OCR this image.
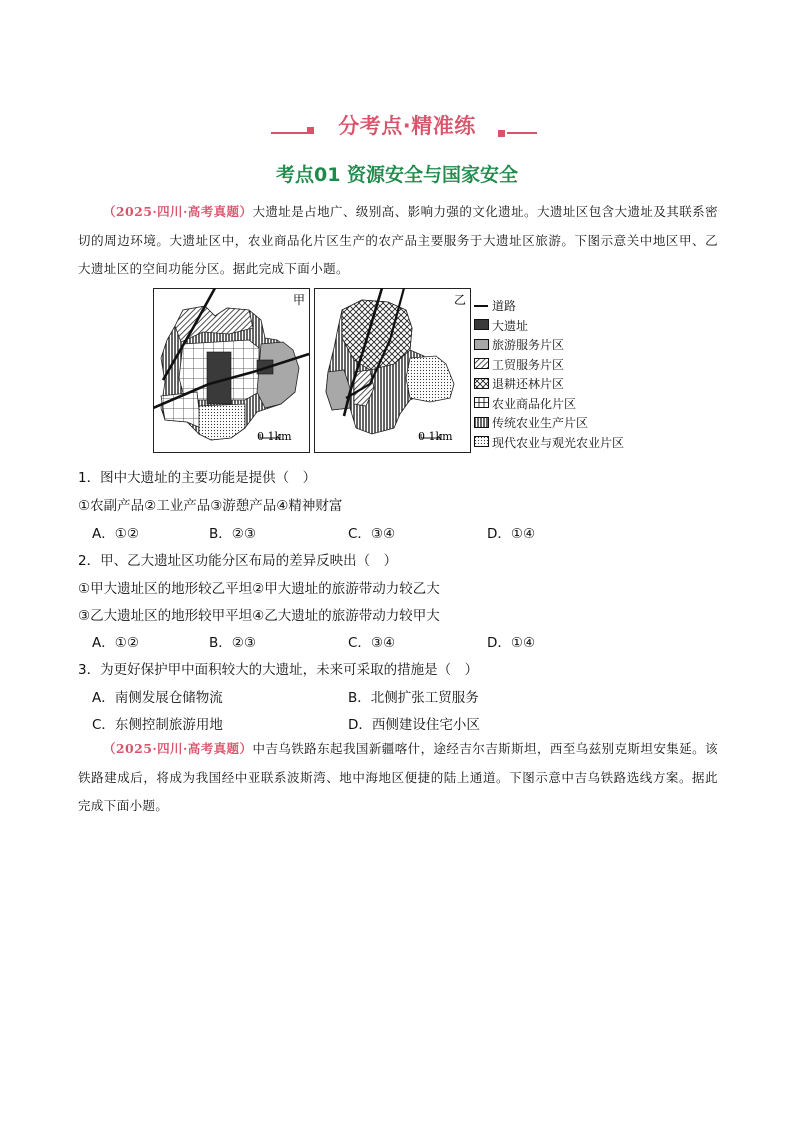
分考点·精准练
考点01 资源安全与国家安全
（2025·四川·高考真题）大遗址是占地广、级别高、影响力强的文化遗址。大遗址区包含大遗址及其联系密切的周边环境。大遗址区中，农业商品化片区生产的农产品主要服务于大遗址区旅游。下图示意关中地区甲、乙大遗址区的空间功能分区。据此完成下面小题。
甲
0 1km
乙
0 1km
道路
大遗址
旅游服务片区
工贸服务片区
退耕还林片区
农业商品化片区
传统农业生产片区
现代农业与观光农业片区
1．图中大遗址的主要功能是提供（　）
①农副产品②工业产品③游憩产品④精神财富
A．①②	B．②③	C．③④	D．①④
2．甲、乙大遗址区功能分区布局的差异反映出（　）
①甲大遗址区的地形较乙平坦②甲大遗址的旅游带动力较乙大
③乙大遗址区的地形较甲平坦④乙大遗址的旅游带动力较甲大
A．①②	B．②③	C．③④	D．①④
3．为更好保护甲中面积较大的大遗址，未来可采取的措施是（　）
A．南侧发展仓储物流	B．北侧扩张工贸服务
C．东侧控制旅游用地	D．西侧建设住宅小区
（2025·四川·高考真题）中吉乌铁路东起我国新疆喀什，途经吉尔吉斯斯坦，西至乌兹别克斯坦安集延。该铁路建成后，将成为我国经中亚联系波斯湾、地中海地区便捷的陆上通道。下图示意中吉乌铁路选线方案。据此完成下面小题。
